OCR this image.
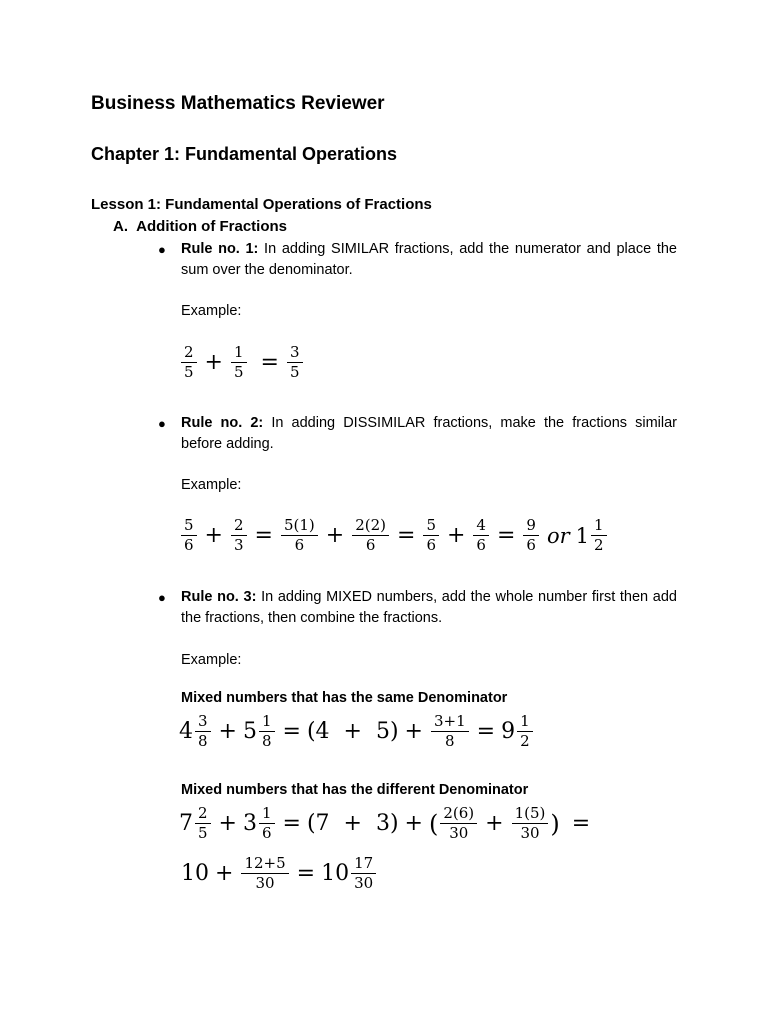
Business Mathematics Reviewer
Chapter 1: Fundamental Operations
Lesson 1: Fundamental Operations of Fractions
A. Addition of Fractions
● Rule no. 1: In adding SIMILAR fractions, add the numerator and place the sum over the denominator.
Example:
$\frac{2}{5} + \frac{1}{5} = \frac{3}{5}$
● Rule no. 2: In adding DISSIMILAR fractions, make the fractions similar before adding.
Example:
$\frac{5}{6} + \frac{2}{3} = \frac{5(1)}{6} + \frac{2(2)}{6} = \frac{5}{6} + \frac{4}{6} = \frac{9}{6}$ or $1 \frac{1}{2}$
● Rule no. 3: In adding MIXED numbers, add the whole number first then add the fractions, then combine the fractions.
Example:
Mixed numbers that has the same Denominator
$4 \frac{3}{8} + 5 \frac{1}{8} = (4 + 5) + \frac{3+1}{8} = 9 \frac{1}{2}$
Mixed numbers that has the different Denominator
$7 \frac{2}{5} + 3 \frac{1}{6} = (7 + 3)$ + ( $\frac{2(6)}{30} + \frac{1(5)}{30}$ ) =
$10 + \frac{12+5}{30} = 10 \frac{17}{30}$
